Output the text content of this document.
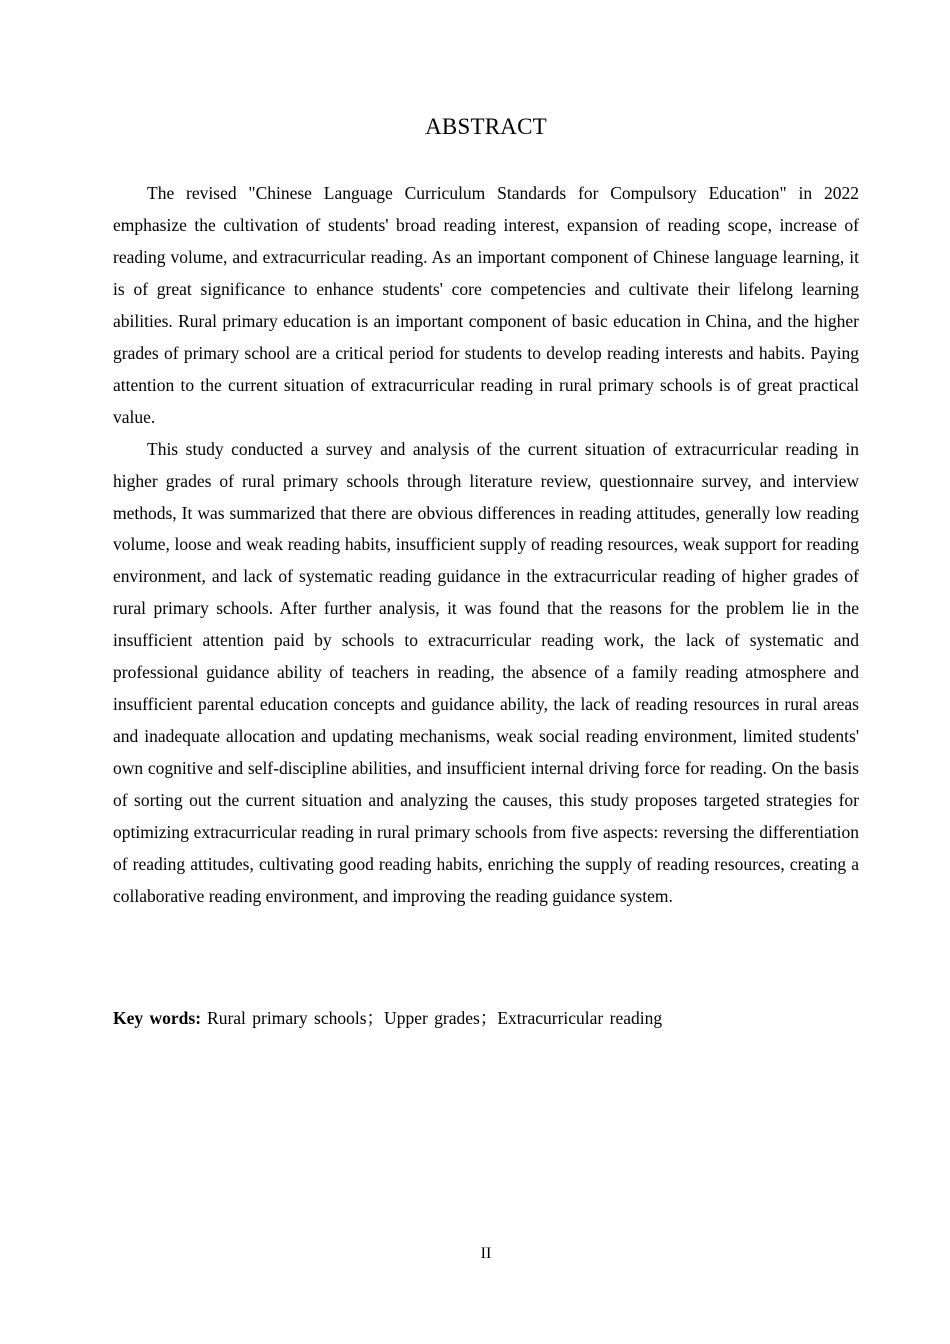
ABSTRACT

The revised "Chinese Language Curriculum Standards for Compulsory Education" in 2022 emphasize the cultivation of students' broad reading interest, expansion of reading scope, increase of reading volume, and extracurricular reading. As an important component of Chinese language learning, it is of great significance to enhance students' core competencies and cultivate their lifelong learning abilities. Rural primary education is an important component of basic education in China, and the higher grades of primary school are a critical period for students to develop reading interests and habits. Paying attention to the current situation of extracurricular reading in rural primary schools is of great practical value.

This study conducted a survey and analysis of the current situation of extracurricular reading in higher grades of rural primary schools through literature review, questionnaire survey, and interview methods, It was summarized that there are obvious differences in reading attitudes, generally low reading volume, loose and weak reading habits, insufficient supply of reading resources, weak support for reading environment, and lack of systematic reading guidance in the extracurricular reading of higher grades of rural primary schools. After further analysis, it was found that the reasons for the problem lie in the insufficient attention paid by schools to extracurricular reading work, the lack of systematic and professional guidance ability of teachers in reading, the absence of a family reading atmosphere and insufficient parental education concepts and guidance ability, the lack of reading resources in rural areas and inadequate allocation and updating mechanisms, weak social reading environment, limited students' own cognitive and self-discipline abilities, and insufficient internal driving force for reading. On the basis of sorting out the current situation and analyzing the causes, this study proposes targeted strategies for optimizing extracurricular reading in rural primary schools from five aspects: reversing the differentiation of reading attitudes, cultivating good reading habits, enriching the supply of reading resources, creating a collaborative reading environment, and improving the reading guidance system.

Key words: Rural primary schools；Upper grades；Extracurricular reading
II
